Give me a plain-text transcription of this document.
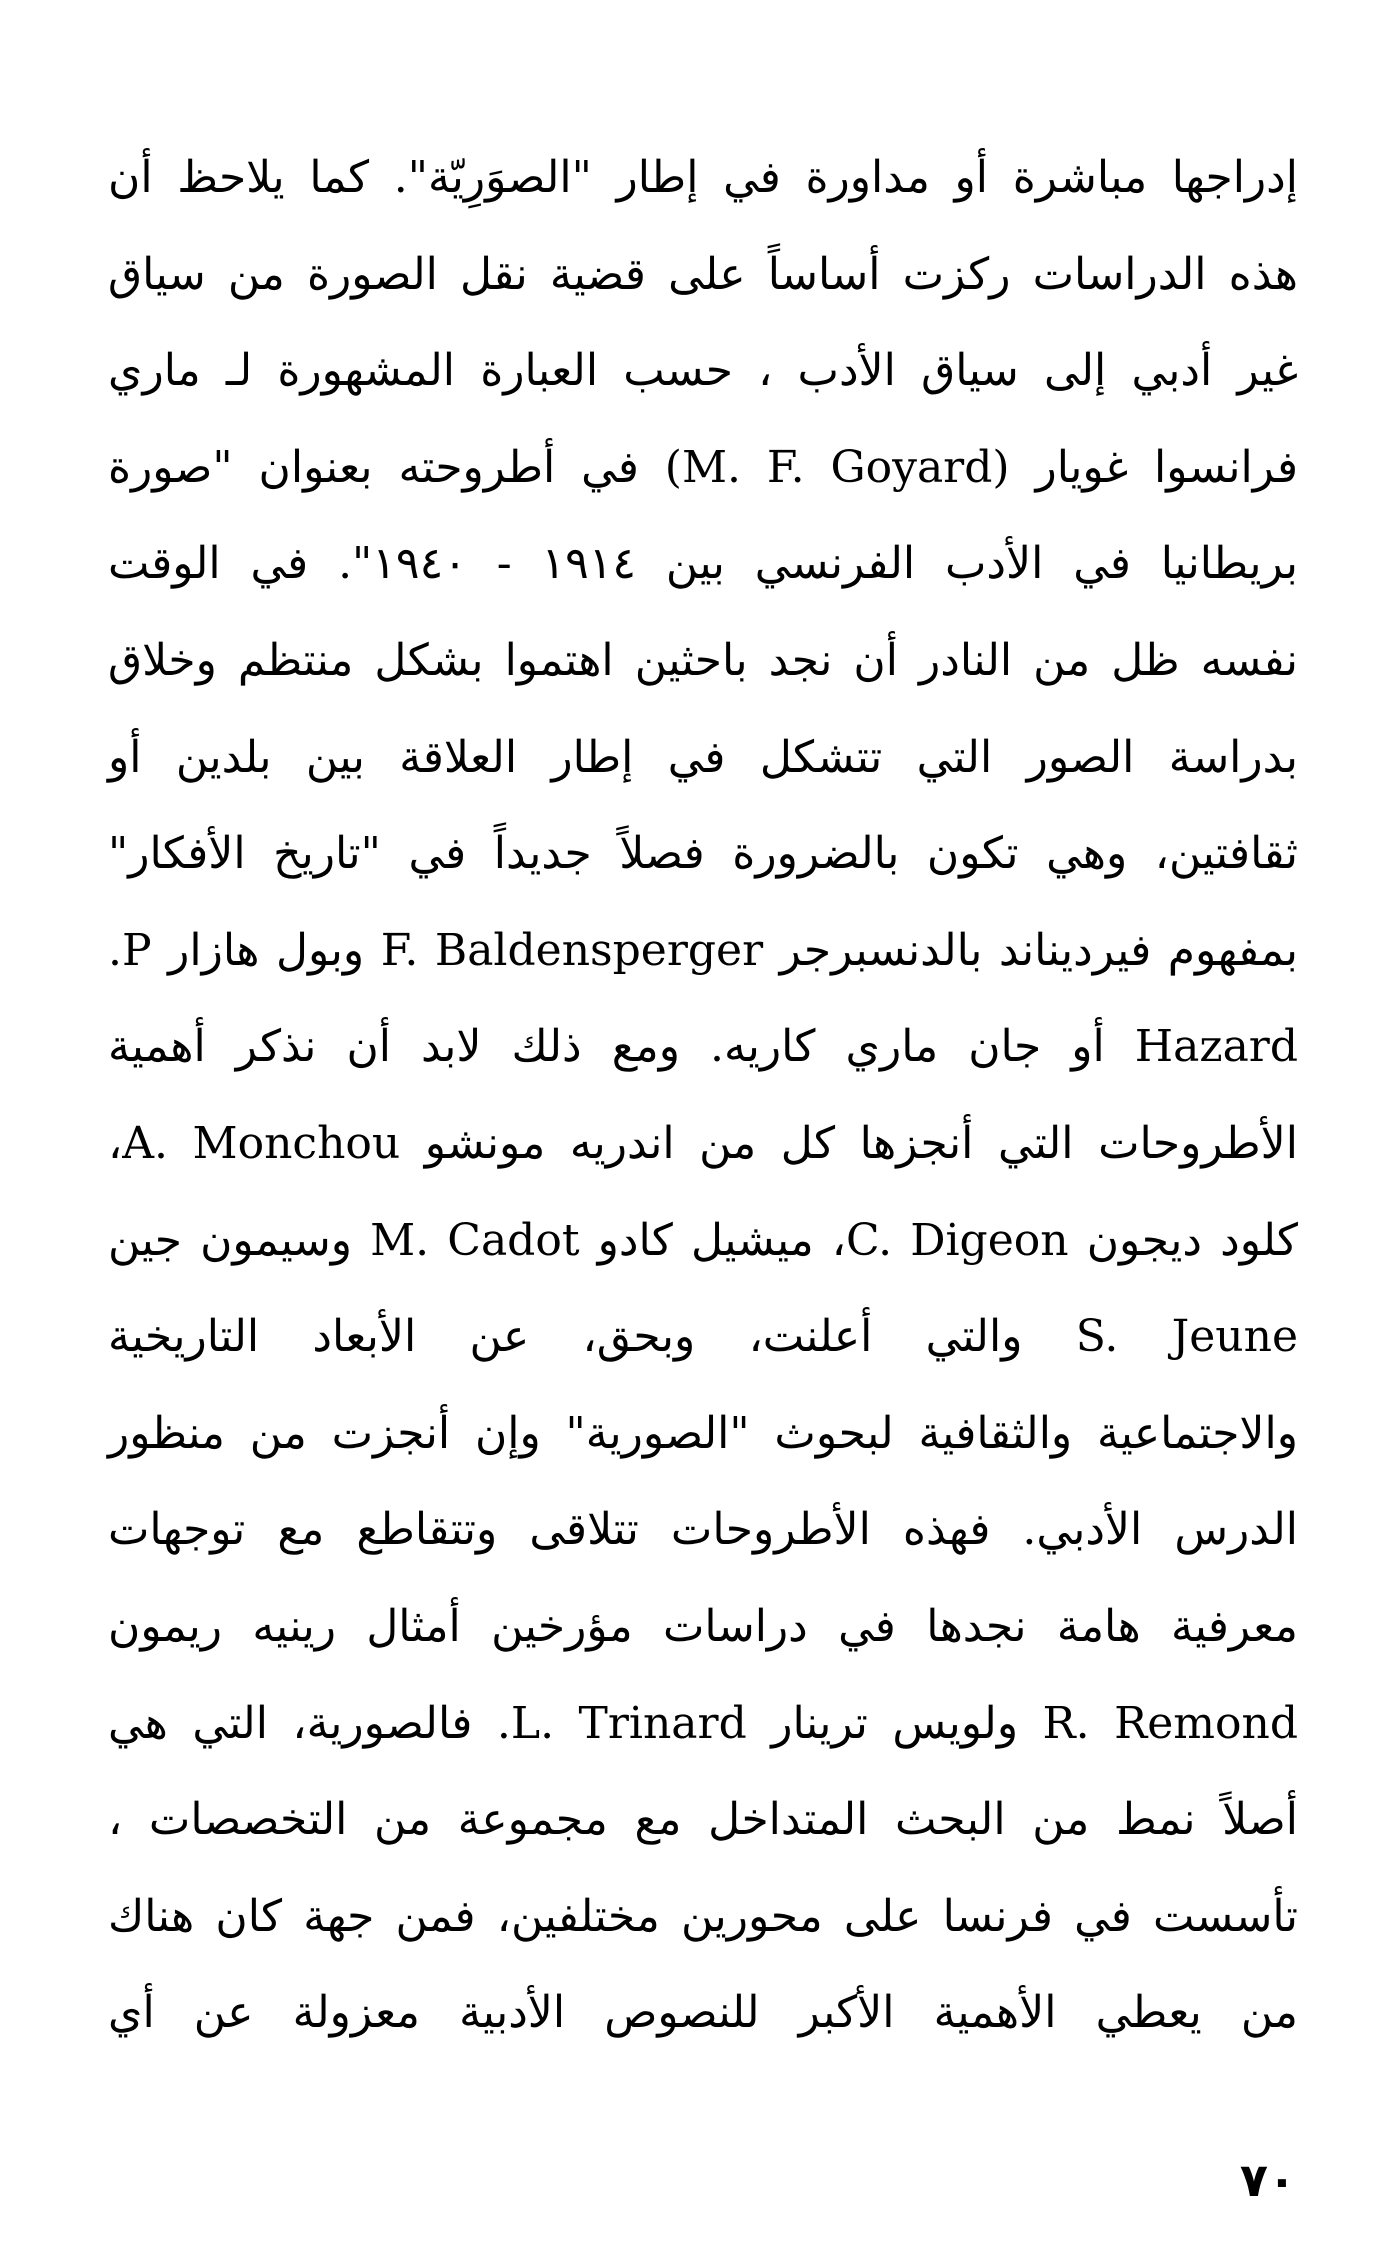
إدراجها مباشرة أو مداورة في إطار "الصوَرِيّة". كما يلاحظ أن
هذه الدراسات ركزت أساساً على قضية نقل الصورة من سياق
غير أدبي إلى سياق الأدب ، حسب العبارة المشهورة لـ ماري
فرانسوا غويار (M. F. Goyard) في أطروحته بعنوان "صورة
بريطانيا في الأدب الفرنسي بين ١٩١٤ - ١٩٤٠". في الوقت
نفسه ظل من النادر أن نجد باحثين اهتموا بشكل منتظم وخلاق
بدراسة الصور التي تتشكل في إطار العلاقة بين بلدين أو
ثقافتين، وهي تكون بالضرورة فصلاً جديداً في "تاريخ الأفكار"
بمفهوم فيرديناند بالدنسبرجر F. Baldensperger وبول هازار P.
Hazard أو جان ماري كاريه. ومع ذلك لابد أن نذكر أهمية
الأطروحات التي أنجزها كل من اندريه مونشو A. Monchou،
كلود ديجون C. Digeon، ميشيل كادو M. Cadot وسيمون جين
S. Jeune والتي أعلنت، وبحق، عن الأبعاد التاريخية
والاجتماعية والثقافية لبحوث "الصورية" وإن أنجزت من منظور
الدرس الأدبي. فهذه الأطروحات تتلاقى وتتقاطع مع توجهات
معرفية هامة نجدها في دراسات مؤرخين أمثال رينيه ريمون
R. Remond ولويس ترينار L. Trinard. فالصورية، التي هي
أصلاً نمط من البحث المتداخل مع مجموعة من التخصصات ،
تأسست في فرنسا على محورين مختلفين، فمن جهة كان هناك
من يعطي الأهمية الأكبر للنصوص الأدبية معزولة عن أي
٧٠
